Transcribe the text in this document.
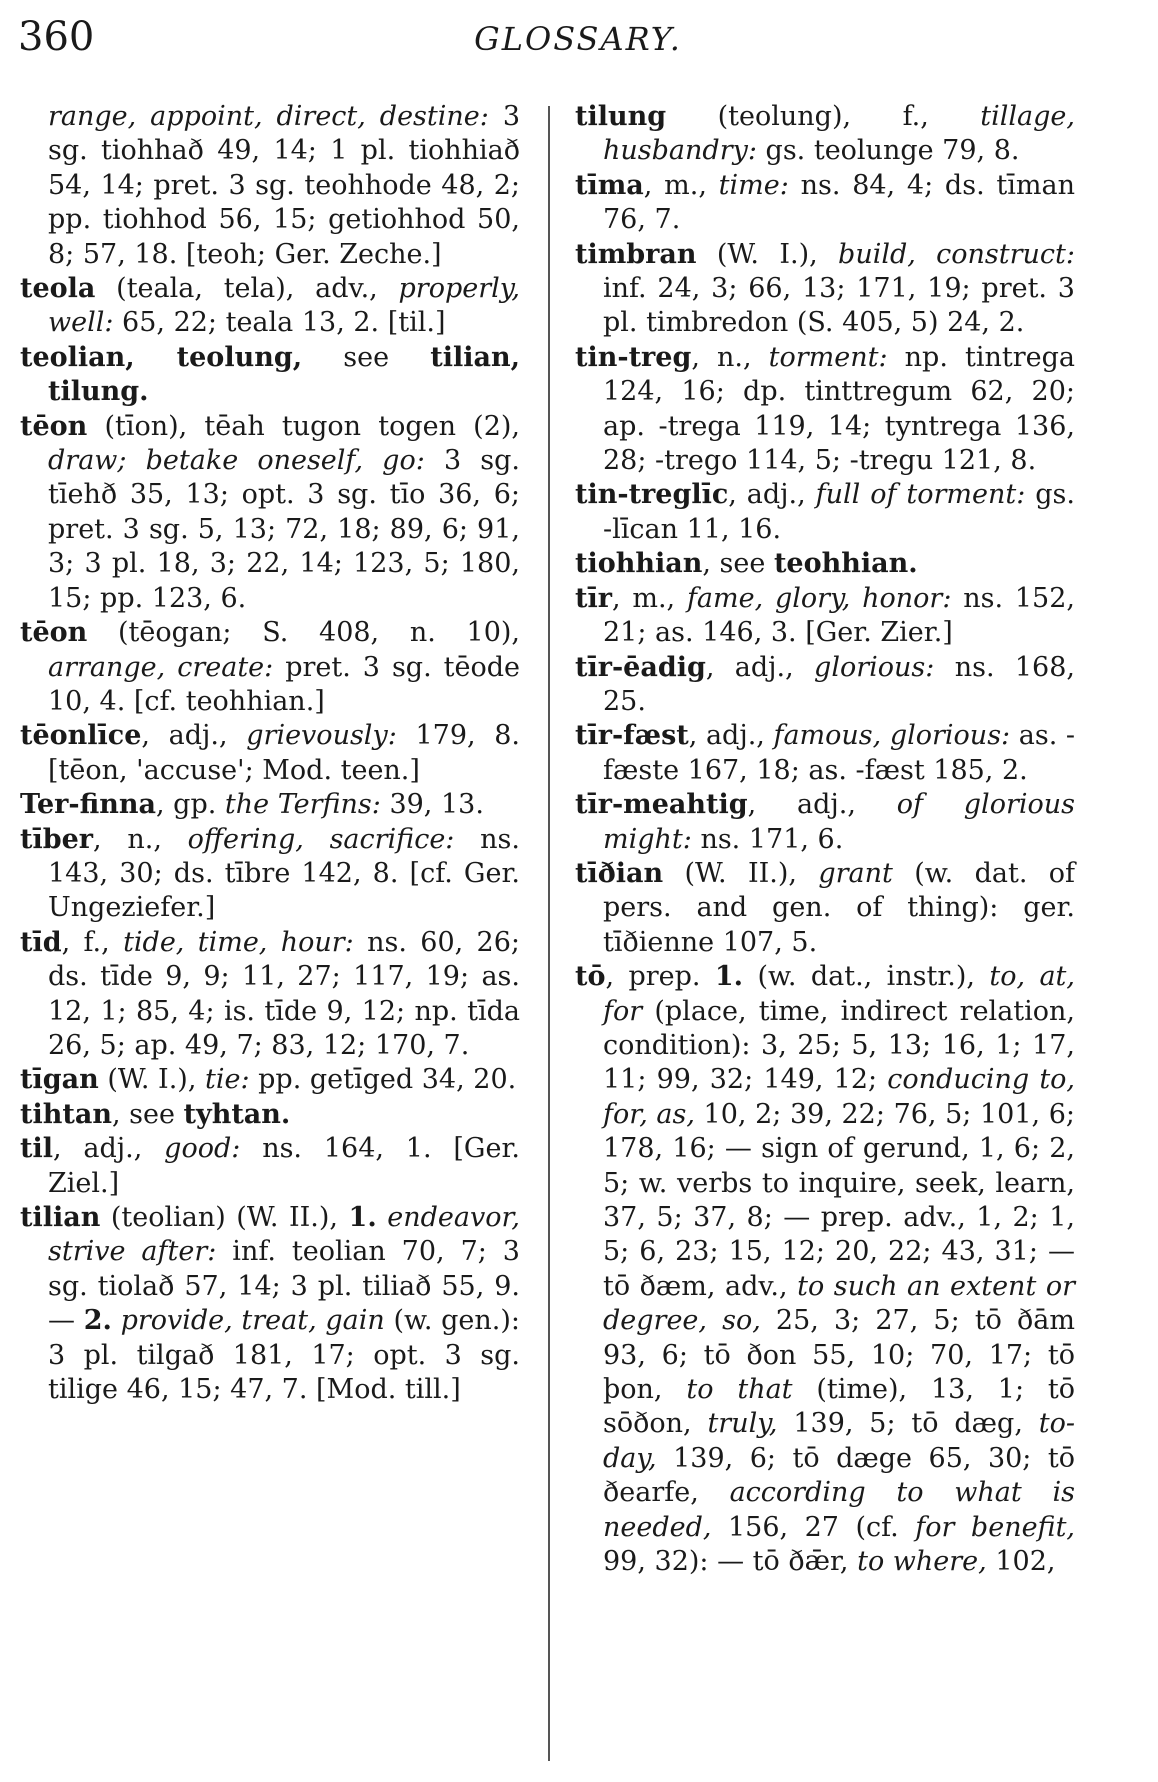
360	GLOSSARY.

range, appoint, direct, destine: 3 sg. tiohhað 49, 14; 1 pl. tiohhiað 54, 14; pret. 3 sg. teohhode 48, 2; pp. tiohhod 56, 15; getiohhod 50, 8; 57, 18. [teoh; Ger. Zeche.]

teola (teala, tela), adv., properly, well: 65, 22; teala 13, 2. [til.]

teolian, teolung, see tilian, tilung.

tēon (tīon), tēah tugon togen (2), draw; betake oneself, go: 3 sg. tīehð 35, 13; opt. 3 sg. tīo 36, 6; pret. 3 sg. 5, 13; 72, 18; 89, 6; 91, 3; 3 pl. 18, 3; 22, 14; 123, 5; 180, 15; pp. 123, 6.

tēon (tēogan; S. 408, n. 10), arrange, create: pret. 3 sg. tēode 10, 4. [cf. teohhian.]

tēonlīce, adj., grievously: 179, 8. [tēon, 'accuse'; Mod. teen.]

Ter-finna, gp. the Terfins: 39, 13.

tīber, n., offering, sacrifice: ns. 143, 30; ds. tībre 142, 8. [cf. Ger. Ungeziefer.]

tīd, f., tide, time, hour: ns. 60, 26; ds. tīde 9, 9; 11, 27; 117, 19; as. 12, 1; 85, 4; is. tīde 9, 12; np. tīda 26, 5; ap. 49, 7; 83, 12; 170, 7.

tīgan (W. I.), tie: pp. getīged 34, 20.

tihtan, see tyhtan.

til, adj., good: ns. 164, 1. [Ger. Ziel.]

tilian (teolian) (W. II.), 1. endeavor, strive after: inf. teolian 70, 7; 3 sg. tiolað 57, 14; 3 pl. tiliað 55, 9. — 2. provide, treat, gain (w. gen.): 3 pl. tilgað 181, 17; opt. 3 sg. tilige 46, 15; 47, 7. [Mod. till.]

tilung (teolung), f., tillage, husbandry: gs. teolunge 79, 8.

tīma, m., time: ns. 84, 4; ds. tīman 76, 7.

timbran (W. I.), build, construct: inf. 24, 3; 66, 13; 171, 19; pret. 3 pl. timbredon (S. 405, 5) 24, 2.

tin-treg, n., torment: np. tintrega 124, 16; dp. tinttregum 62, 20; ap. -trega 119, 14; tyntrega 136, 28; -trego 114, 5; -tregu 121, 8.

tin-treglīc, adj., full of torment: gs. -līcan 11, 16.

tiohhian, see teohhian.

tīr, m., fame, glory, honor: ns. 152, 21; as. 146, 3. [Ger. Zier.]

tīr-ēadig, adj., glorious: ns. 168, 25.

tīr-fæst, adj., famous, glorious: as. -fæste 167, 18; as. -fæst 185, 2.

tīr-meahtig, adj., of glorious might: ns. 171, 6.

tīðian (W. II.), grant (w. dat. of pers. and gen. of thing): ger. tīðienne 107, 5.

tō, prep. 1. (w. dat., instr.), to, at, for (place, time, indirect relation, condition): 3, 25; 5, 13; 16, 1; 17, 11; 99, 32; 149, 12; conducing to, for, as, 10, 2; 39, 22; 76, 5; 101, 6; 178, 16; — sign of gerund, 1, 6; 2, 5; w. verbs to inquire, seek, learn, 37, 5; 37, 8; — prep. adv., 1, 2; 1, 5; 6, 23; 15, 12; 20, 22; 43, 31; — tō ðæm, adv., to such an extent or degree, so, 25, 3; 27, 5; tō ðām 93, 6; tō ðon 55, 10; 70, 17; tō þon, to that (time), 13, 1; tō sōðon, truly, 139, 5; tō dæg, to-day, 139, 6; tō dæge 65, 30; tō ðearfe, according to what is needed, 156, 27 (cf. for benefit, 99, 32): — tō ðǣr, to where, 102,
